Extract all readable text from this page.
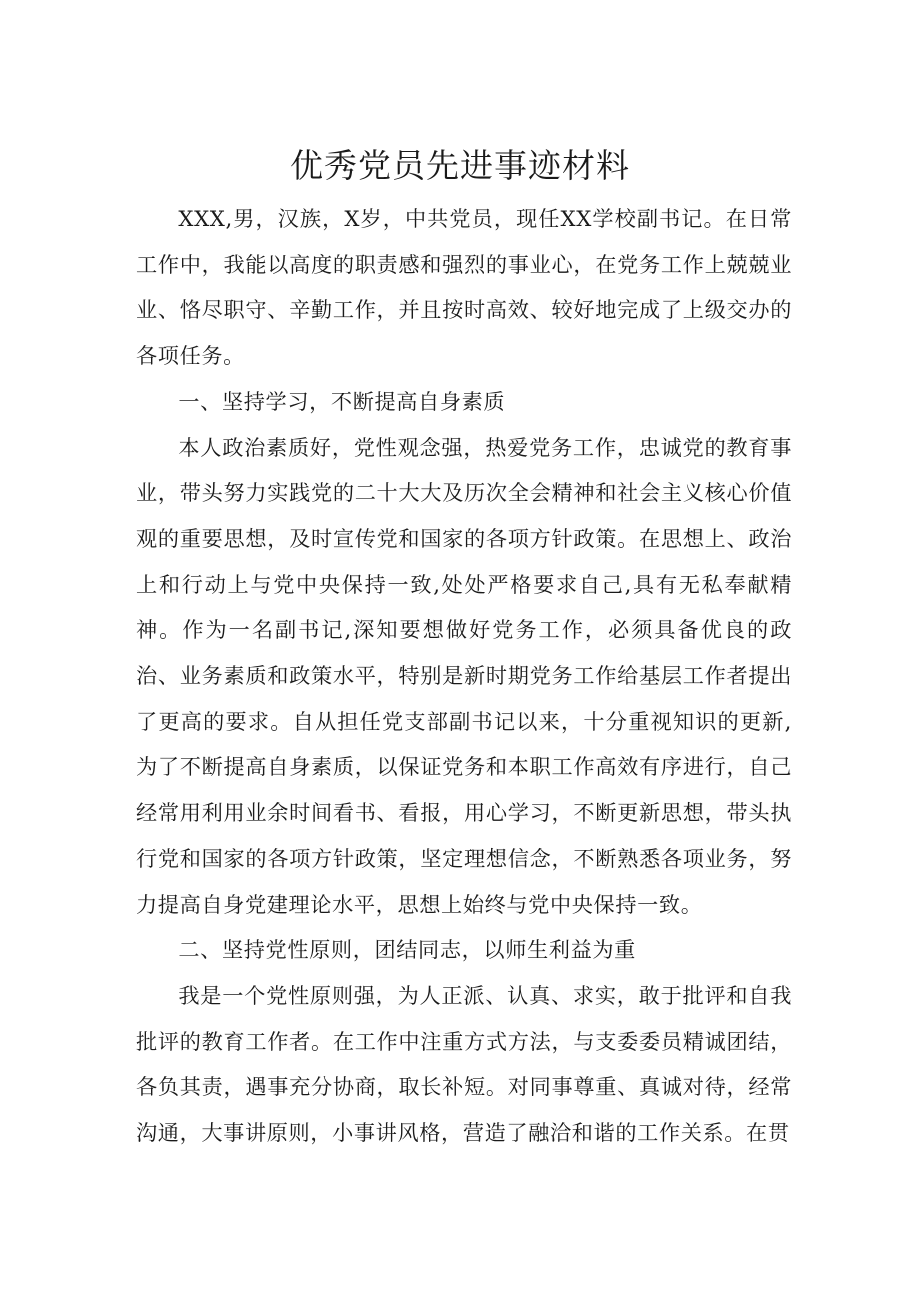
优秀党员先进事迹材料

XXX,男，汉族，X岁，中共党员，现任XX学校副书记。在日常工作中，我能以高度的职责感和强烈的事业心，在党务工作上兢兢业业、恪尽职守、辛勤工作，并且按时高效、较好地完成了上级交办的各项任务。

一、坚持学习，不断提高自身素质

本人政治素质好，党性观念强，热爱党务工作，忠诚党的教育事业，带头努力实践党的二十大大及历次全会精神和社会主义核心价值观的重要思想，及时宣传党和国家的各项方针政策。在思想上、政治上和行动上与党中央保持一致,处处严格要求自己,具有无私奉献精神。作为一名副书记,深知要想做好党务工作，必须具备优良的政治、业务素质和政策水平，特别是新时期党务工作给基层工作者提出了更高的要求。自从担任党支部副书记以来，十分重视知识的更新,为了不断提高自身素质，以保证党务和本职工作高效有序进行，自己经常用利用业余时间看书、看报，用心学习，不断更新思想，带头执行党和国家的各项方针政策，坚定理想信念，不断熟悉各项业务，努力提高自身党建理论水平，思想上始终与党中央保持一致。

二、坚持党性原则，团结同志，以师生利益为重

我是一个党性原则强，为人正派、认真、求实，敢于批评和自我批评的教育工作者。在工作中注重方式方法，与支委委员精诚团结，各负其责，遇事充分协商，取长补短。对同事尊重、真诚对待，经常沟通，大事讲原则，小事讲风格，营造了融洽和谐的工作关系。在贯
